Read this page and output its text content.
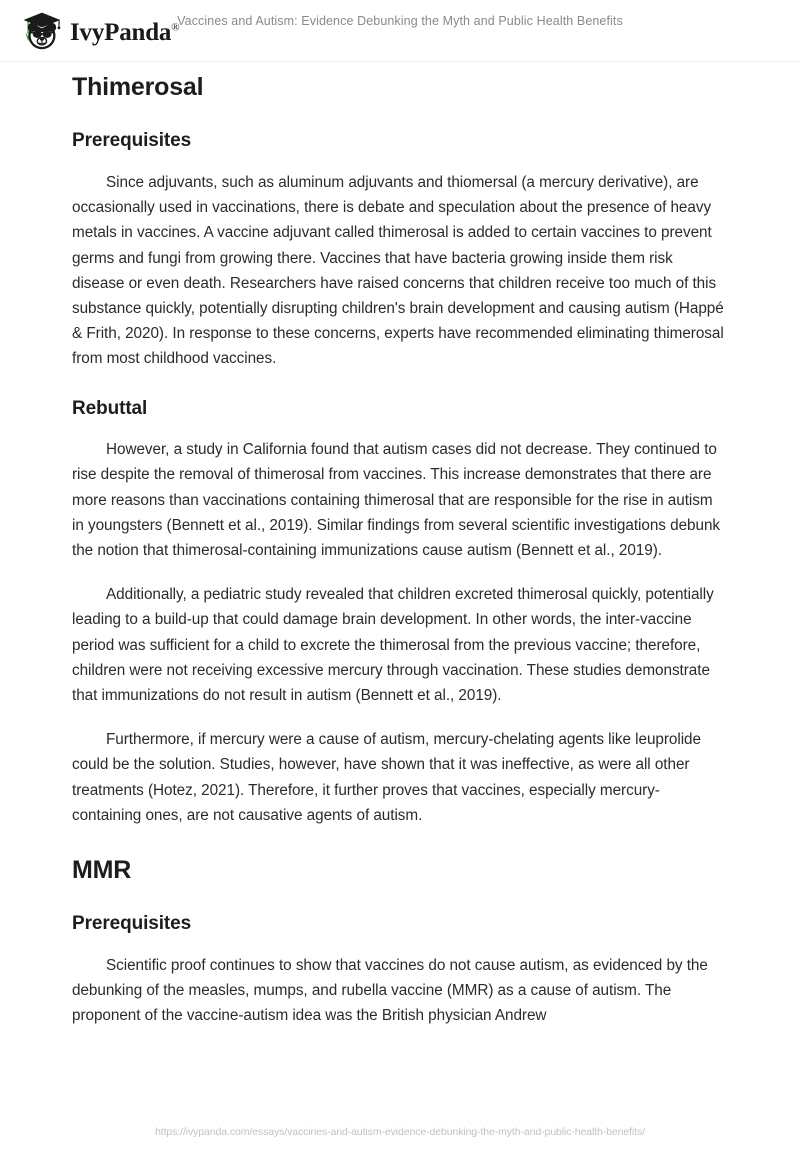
IvyPanda®
Vaccines and Autism: Evidence Debunking the Myth and Public Health Benefits
Thimerosal
Prerequisites

Since adjuvants, such as aluminum adjuvants and thiomersal (a mercury derivative), are occasionally used in vaccinations, there is debate and speculation about the presence of heavy metals in vaccines. A vaccine adjuvant called thimerosal is added to certain vaccines to prevent germs and fungi from growing there. Vaccines that have bacteria growing inside them risk disease or even death. Researchers have raised concerns that children receive too much of this substance quickly, potentially disrupting children's brain development and causing autism (Happé & Frith, 2020). In response to these concerns, experts have recommended eliminating thimerosal from most childhood vaccines.

Rebuttal

However, a study in California found that autism cases did not decrease. They continued to rise despite the removal of thimerosal from vaccines. This increase demonstrates that there are more reasons than vaccinations containing thimerosal that are responsible for the rise in autism in youngsters (Bennett et al., 2019). Similar findings from several scientific investigations debunk the notion that thimerosal-containing immunizations cause autism (Bennett et al., 2019).

Additionally, a pediatric study revealed that children excreted thimerosal quickly, potentially leading to a build-up that could damage brain development. In other words, the inter-vaccine period was sufficient for a child to excrete the thimerosal from the previous vaccine; therefore, children were not receiving excessive mercury through vaccination. These studies demonstrate that immunizations do not result in autism (Bennett et al., 2019).

Furthermore, if mercury were a cause of autism, mercury-chelating agents like leuprolide could be the solution. Studies, however, have shown that it was ineffective, as were all other treatments (Hotez, 2021). Therefore, it further proves that vaccines, especially mercury-containing ones, are not causative agents of autism.

MMR
Prerequisites

Scientific proof continues to show that vaccines do not cause autism, as evidenced by the debunking of the measles, mumps, and rubella vaccine (MMR) as a cause of autism. The proponent of the vaccine-autism idea was the British physician Andrew

https://ivypanda.com/essays/vaccines-and-autism-evidence-debunking-the-myth-and-public-health-benefits/
